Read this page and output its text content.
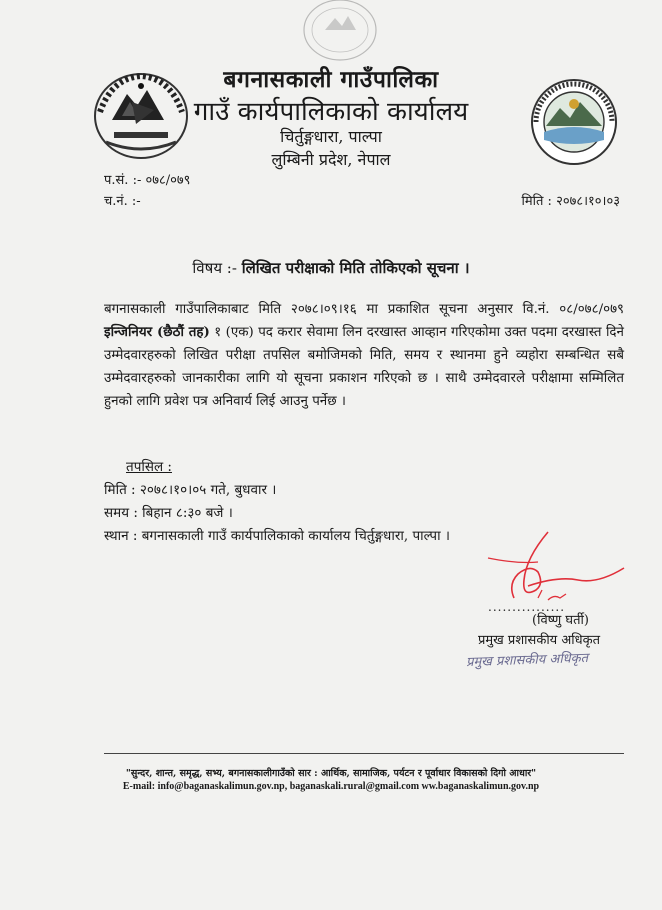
बगनासकाली गाउँपालिका
गाउँ कार्यपालिकाको कार्यालय
चिर्तुङ्गधारा, पाल्पा
लुम्बिनी प्रदेश, नेपाल
प.सं. :- ०७८/०७९
च.नं. :-	मिति : २०७८।१०।०३
विषय :- लिखित परीक्षाको मिति तोकिएको सूचना ।
बगनासकाली गाउँपालिकाबाट मिति २०७८।०९।१६ मा प्रकाशित सूचना अनुसार वि.नं. ०८/०७८/०७९ इन्जिनियर (छैठौं तह) १ (एक) पद करार सेवामा लिन दरखास्त आव्हान गरिएकोमा उक्त पदमा दरखास्त दिने उम्मेदवारहरुको लिखित परीक्षा तपसिल बमोजिमको मिति, समय र स्थानमा हुने व्यहोरा सम्बन्धित सबै उम्मेदवारहरुको जानकारीका लागि यो सूचना प्रकाशन गरिएको छ । साथै उम्मेदवारले परीक्षामा सम्मिलित हुनको लागि प्रवेश पत्र अनिवार्य लिई आउनु पर्नेछ ।
तपसिल :
मिति : २०७८।१०।०५ गते, बुधवार ।
समय : बिहान ८:३० बजे ।
स्थान : बगनासकाली गाउँ कार्यपालिकाको कार्यालय चिर्तुङ्गधारा, पाल्पा ।
................
(विष्णु घर्ती)
प्रमुख प्रशासकीय अधिकृत
प्रमुख प्रशासकीय अधिकृत
"सुन्दर, शान्त, समृद्ध, सभ्य, बगनासकालीगाउँको सार : आर्थिक, सामाजिक, पर्यटन र पूर्वाधार विकासको दिगो आधार"
E-mail: info@baganaskalimun.gov.np, baganaskali.rural@gmail.com ww.baganaskalimun.gov.np
